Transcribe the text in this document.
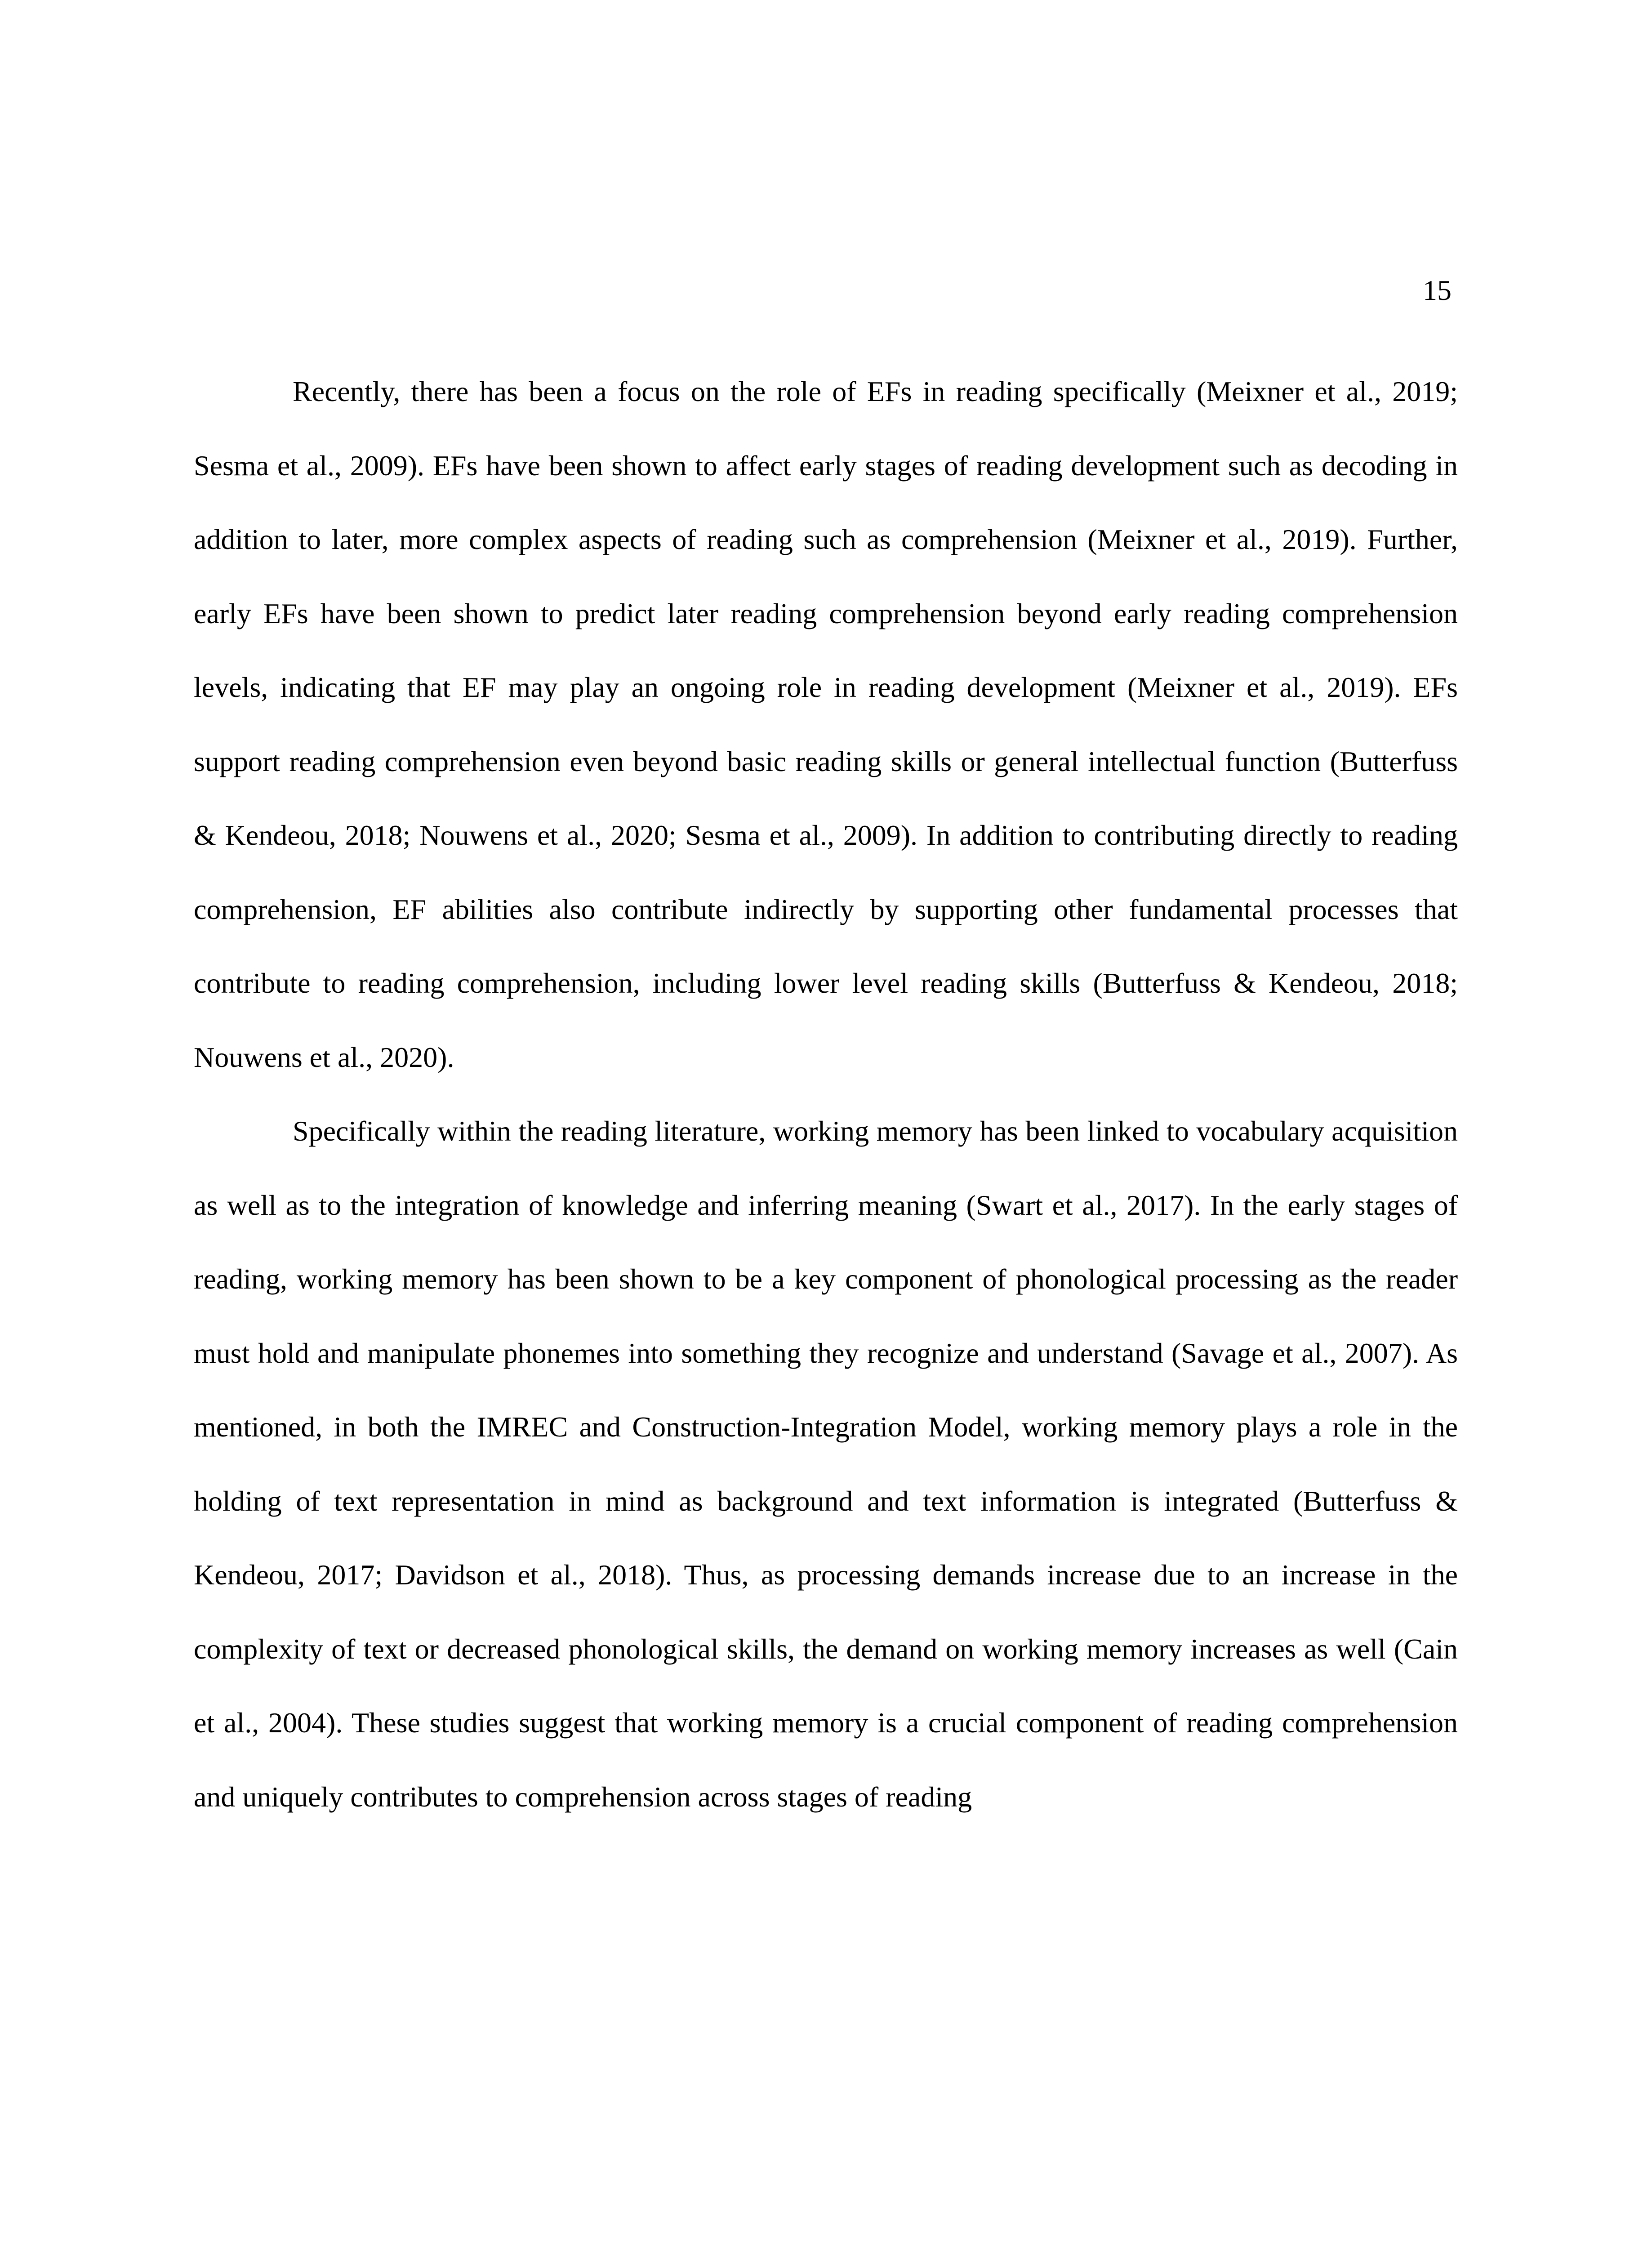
15

Recently, there has been a focus on the role of EFs in reading specifically (Meixner et al., 2019; Sesma et al., 2009). EFs have been shown to affect early stages of reading development such as decoding in addition to later, more complex aspects of reading such as comprehension (Meixner et al., 2019). Further, early EFs have been shown to predict later reading comprehension beyond early reading comprehension levels, indicating that EF may play an ongoing role in reading development (Meixner et al., 2019). EFs support reading comprehension even beyond basic reading skills or general intellectual function (Butterfuss & Kendeou, 2018; Nouwens et al., 2020; Sesma et al., 2009). In addition to contributing directly to reading comprehension, EF abilities also contribute indirectly by supporting other fundamental processes that contribute to reading comprehension, including lower level reading skills (Butterfuss & Kendeou, 2018; Nouwens et al., 2020).

Specifically within the reading literature, working memory has been linked to vocabulary acquisition as well as to the integration of knowledge and inferring meaning (Swart et al., 2017). In the early stages of reading, working memory has been shown to be a key component of phonological processing as the reader must hold and manipulate phonemes into something they recognize and understand (Savage et al., 2007). As mentioned, in both the IMREC and Construction-Integration Model, working memory plays a role in the holding of text representation in mind as background and text information is integrated (Butterfuss & Kendeou, 2017; Davidson et al., 2018). Thus, as processing demands increase due to an increase in the complexity of text or decreased phonological skills, the demand on working memory increases as well (Cain et al., 2004). These studies suggest that working memory is a crucial component of reading comprehension and uniquely contributes to comprehension across stages of reading
